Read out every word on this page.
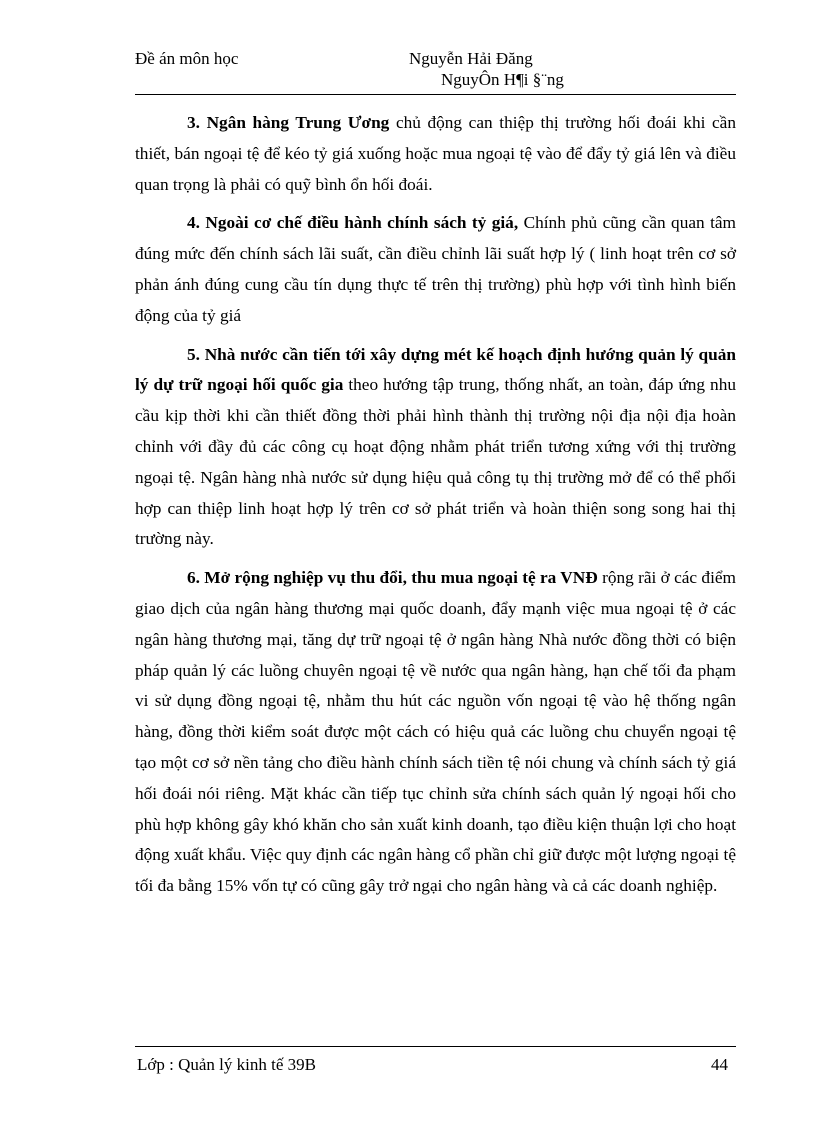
Đề án môn học	Nguyễn Hải Đăng
NguyÔn H¶i §¨ng

3. Ngân hàng Trung Ương chủ động can thiệp thị trường hối đoái khi cần thiết, bán ngoại tệ để kéo tỷ giá xuống hoặc mua ngoại tệ vào để đẩy tỷ giá lên và điều quan trọng là phải có quỹ bình ổn hối đoái.

4. Ngoài cơ chế điều hành chính sách tỷ giá, Chính phủ cũng cần quan tâm đúng mức đến chính sách lãi suất, cần điều chỉnh lãi suất hợp lý ( linh hoạt trên cơ sở phản ánh đúng cung cầu tín dụng thực tế trên thị trường) phù hợp với tình hình biến động của tỷ giá

5. Nhà nước cần tiến tới xây dựng mét kế hoạch định hướng quản lý quản lý dự trữ ngoại hối quốc gia theo hướng tập trung, thống nhất, an toàn, đáp ứng nhu cầu kịp thời khi cần thiết đồng thời phải hình thành thị trường nội địa nội địa hoàn chỉnh với đầy đủ các công cụ hoạt động nhằm phát triển tương xứng với thị trường ngoại tệ. Ngân hàng nhà nước sử dụng hiệu quả công tụ thị trường mở để có thể phối hợp can thiệp linh hoạt hợp lý trên cơ sở phát triển và hoàn thiện song song hai thị trường này.

6. Mở rộng nghiệp vụ thu đổi, thu mua ngoại tệ ra VNĐ rộng rãi ở các điểm giao dịch của ngân hàng thương mại quốc doanh, đẩy mạnh việc mua ngoại tệ ở các ngân hàng thương mại, tăng dự trữ ngoại tệ ở ngân hàng Nhà nước đồng thời có biện pháp quản lý các luồng chuyên ngoại tệ về nước qua ngân hàng, hạn chế tối đa phạm vi sử dụng đồng ngoại tệ, nhằm thu hút các nguồn vốn ngoại tệ vào hệ thống ngân hàng, đồng thời kiểm soát được một cách có hiệu quả các luồng chu chuyển ngoại tệ tạo một cơ sở nền tảng cho điều hành chính sách tiền tệ nói chung và chính sách tỷ giá hối đoái nói riêng. Mặt khác cần tiếp tục chỉnh sửa chính sách quản lý ngoại hối cho phù hợp không gây khó khăn cho sản xuất kinh doanh, tạo điều kiện thuận lợi cho hoạt động xuất khẩu. Việc quy định các ngân hàng cổ phần chỉ giữ được một lượng ngoại tệ tối đa bằng 15% vốn tự có cũng gây trở ngại cho ngân hàng và cả các doanh nghiệp.

Lớp : Quản lý kinh tế 39B	44
